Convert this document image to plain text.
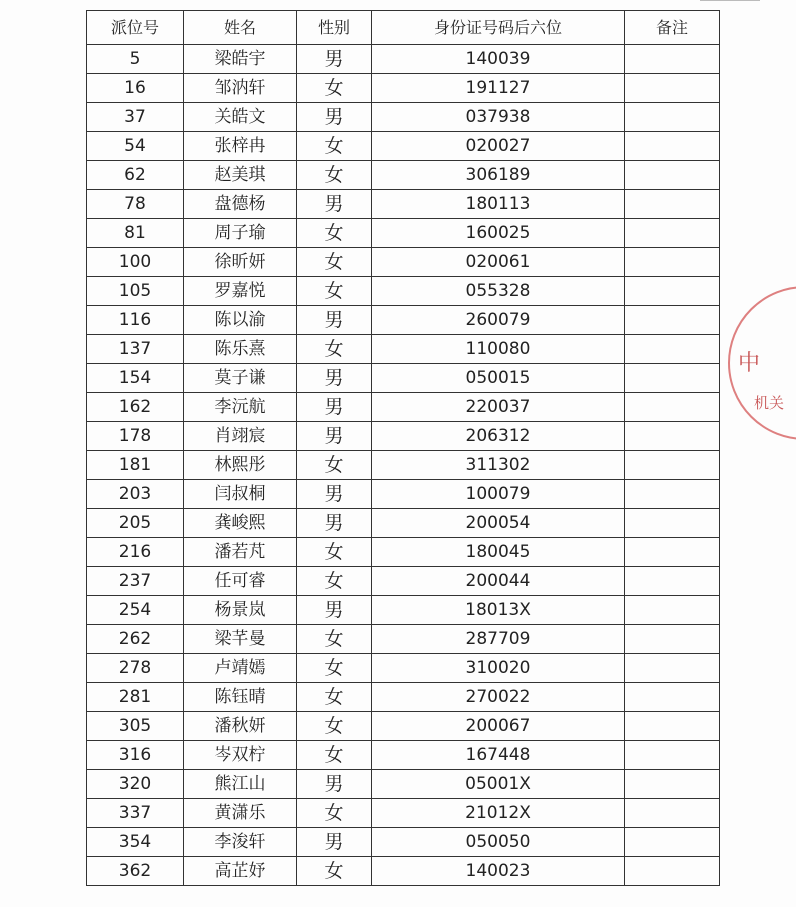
派位号	姓名	性别	身份证号码后六位	备注
5	梁皓宇	男	140039	
16	邹汭轩	女	191127	
37	关皓文	男	037938	
54	张梓冉	女	020027	
62	赵美琪	女	306189	
78	盘德杨	男	180113	
81	周子瑜	女	160025	
100	徐昕妍	女	020061	
105	罗嘉悦	女	055328	
116	陈以渝	男	260079	
137	陈乐熹	女	110080	
154	莫子谦	男	050015	
162	李沅航	男	220037	
178	肖翊宸	男	206312	
181	林熙彤	女	311302	
203	闫叔桐	男	100079	
205	龚峻熙	男	200054	
216	潘若芃	女	180045	
237	任可睿	女	200044	
254	杨景岚	男	18013X	
262	梁芊曼	女	287709	
278	卢靖嫣	女	310020	
281	陈钰晴	女	270022	
305	潘秋妍	女	200067	
316	岑双柠	女	167448	
320	熊江山	男	05001X	
337	黄潇乐	女	21012X	
354	李浚轩	男	050050	
362	高芷妤	女	140023	
中
机关
